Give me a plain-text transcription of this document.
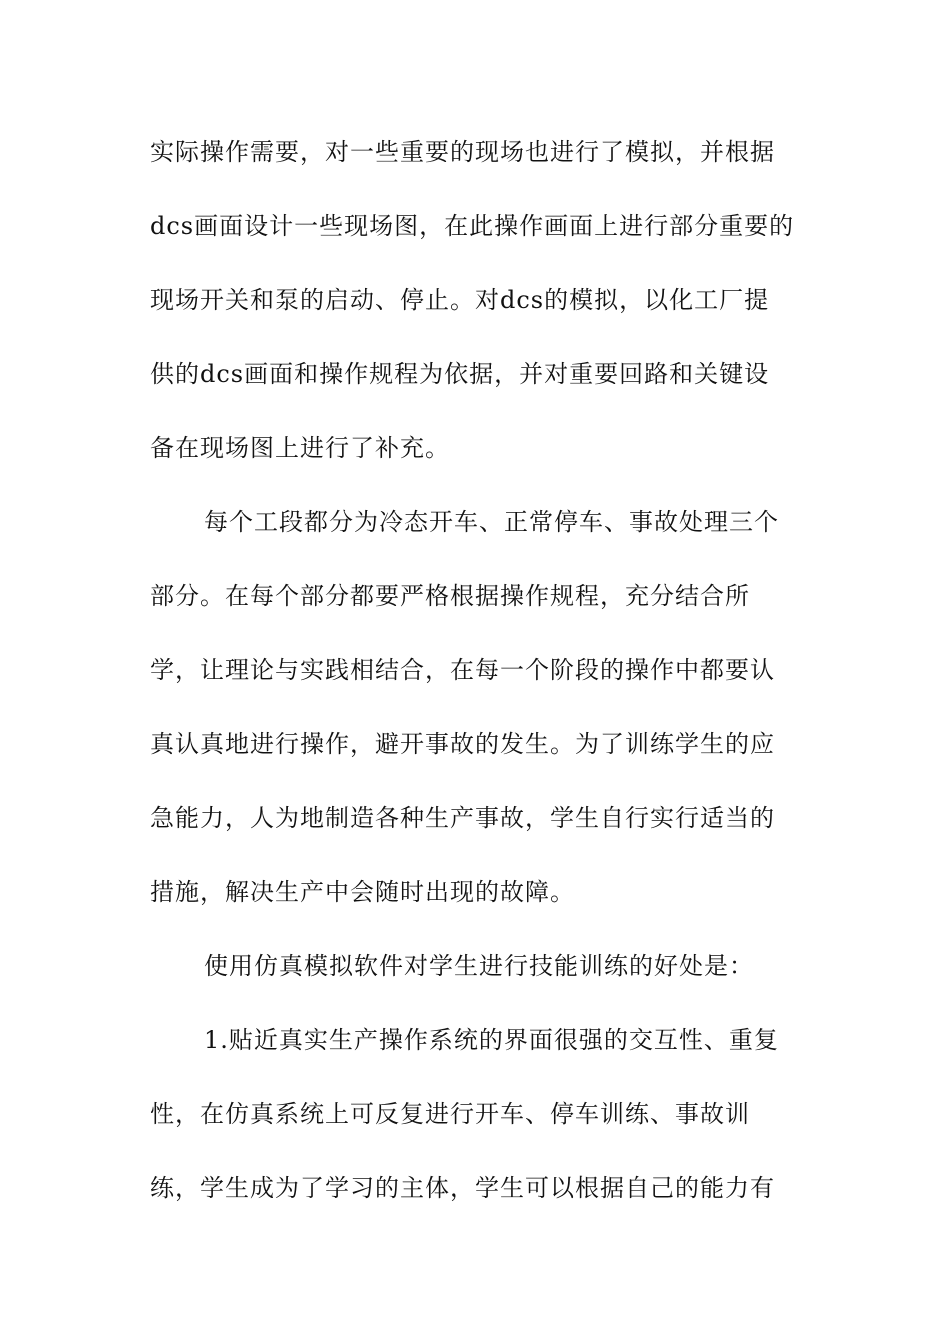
实际操作需要，对一些重要的现场也进行了模拟，并根据
dcs画面设计一些现场图，在此操作画面上进行部分重要的
现场开关和泵的启动、停止。对dcs的模拟，以化工厂提
供的dcs画面和操作规程为依据，并对重要回路和关键设
备在现场图上进行了补充。
每个工段都分为冷态开车、正常停车、事故处理三个
部分。在每个部分都要严格根据操作规程，充分结合所
学，让理论与实践相结合，在每一个阶段的操作中都要认
真认真地进行操作，避开事故的发生。为了训练学生的应
急能力，人为地制造各种生产事故，学生自行实行适当的
措施，解决生产中会随时出现的故障。
使用仿真模拟软件对学生进行技能训练的好处是：
1.贴近真实生产操作系统的界面很强的交互性、重复
性，在仿真系统上可反复进行开车、停车训练、事故训
练，学生成为了学习的主体，学生可以根据自己的能力有
